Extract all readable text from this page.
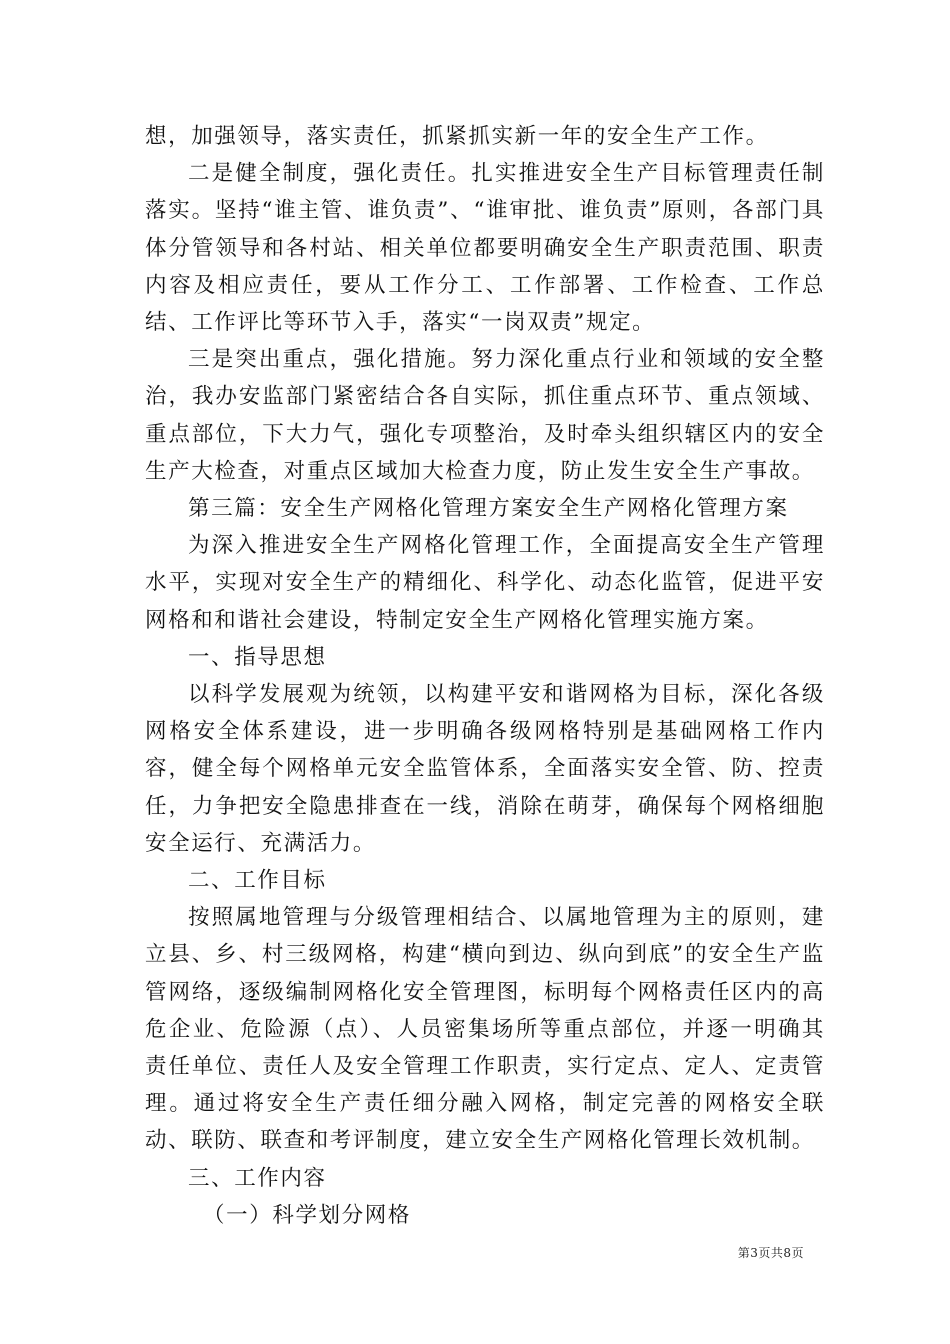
想，加强领导，落实责任，抓紧抓实新一年的安全生产工作。

二是健全制度，强化责任。扎实推进安全生产目标管理责任制落实。坚持“谁主管、谁负责”、“谁审批、谁负责”原则，各部门具体分管领导和各村站、相关单位都要明确安全生产职责范围、职责内容及相应责任，要从工作分工、工作部署、工作检查、工作总结、工作评比等环节入手，落实“一岗双责”规定。

三是突出重点，强化措施。努力深化重点行业和领域的安全整治，我办安监部门紧密结合各自实际，抓住重点环节、重点领域、重点部位，下大力气，强化专项整治，及时牵头组织辖区内的安全生产大检查，对重点区域加大检查力度，防止发生安全生产事故。

第三篇：安全生产网格化管理方案安全生产网格化管理方案

为深入推进安全生产网格化管理工作，全面提高安全生产管理水平，实现对安全生产的精细化、科学化、动态化监管，促进平安网格和和谐社会建设，特制定安全生产网格化管理实施方案。

一、指导思想

以科学发展观为统领，以构建平安和谐网格为目标，深化各级网格安全体系建设，进一步明确各级网格特别是基础网格工作内容，健全每个网格单元安全监管体系，全面落实安全管、防、控责任，力争把安全隐患排查在一线，消除在萌芽，确保每个网格细胞安全运行、充满活力。

二、工作目标

按照属地管理与分级管理相结合、以属地管理为主的原则，建立县、乡、村三级网格，构建“横向到边、纵向到底”的安全生产监管网络，逐级编制网格化安全管理图，标明每个网格责任区内的高危企业、危险源（点）、人员密集场所等重点部位，并逐一明确其责任单位、责任人及安全管理工作职责，实行定点、定人、定责管理。通过将安全生产责任细分融入网格，制定完善的网格安全联动、联防、联查和考评制度，建立安全生产网格化管理长效机制。

三、工作内容

（一）科学划分网格

第3页共8页
